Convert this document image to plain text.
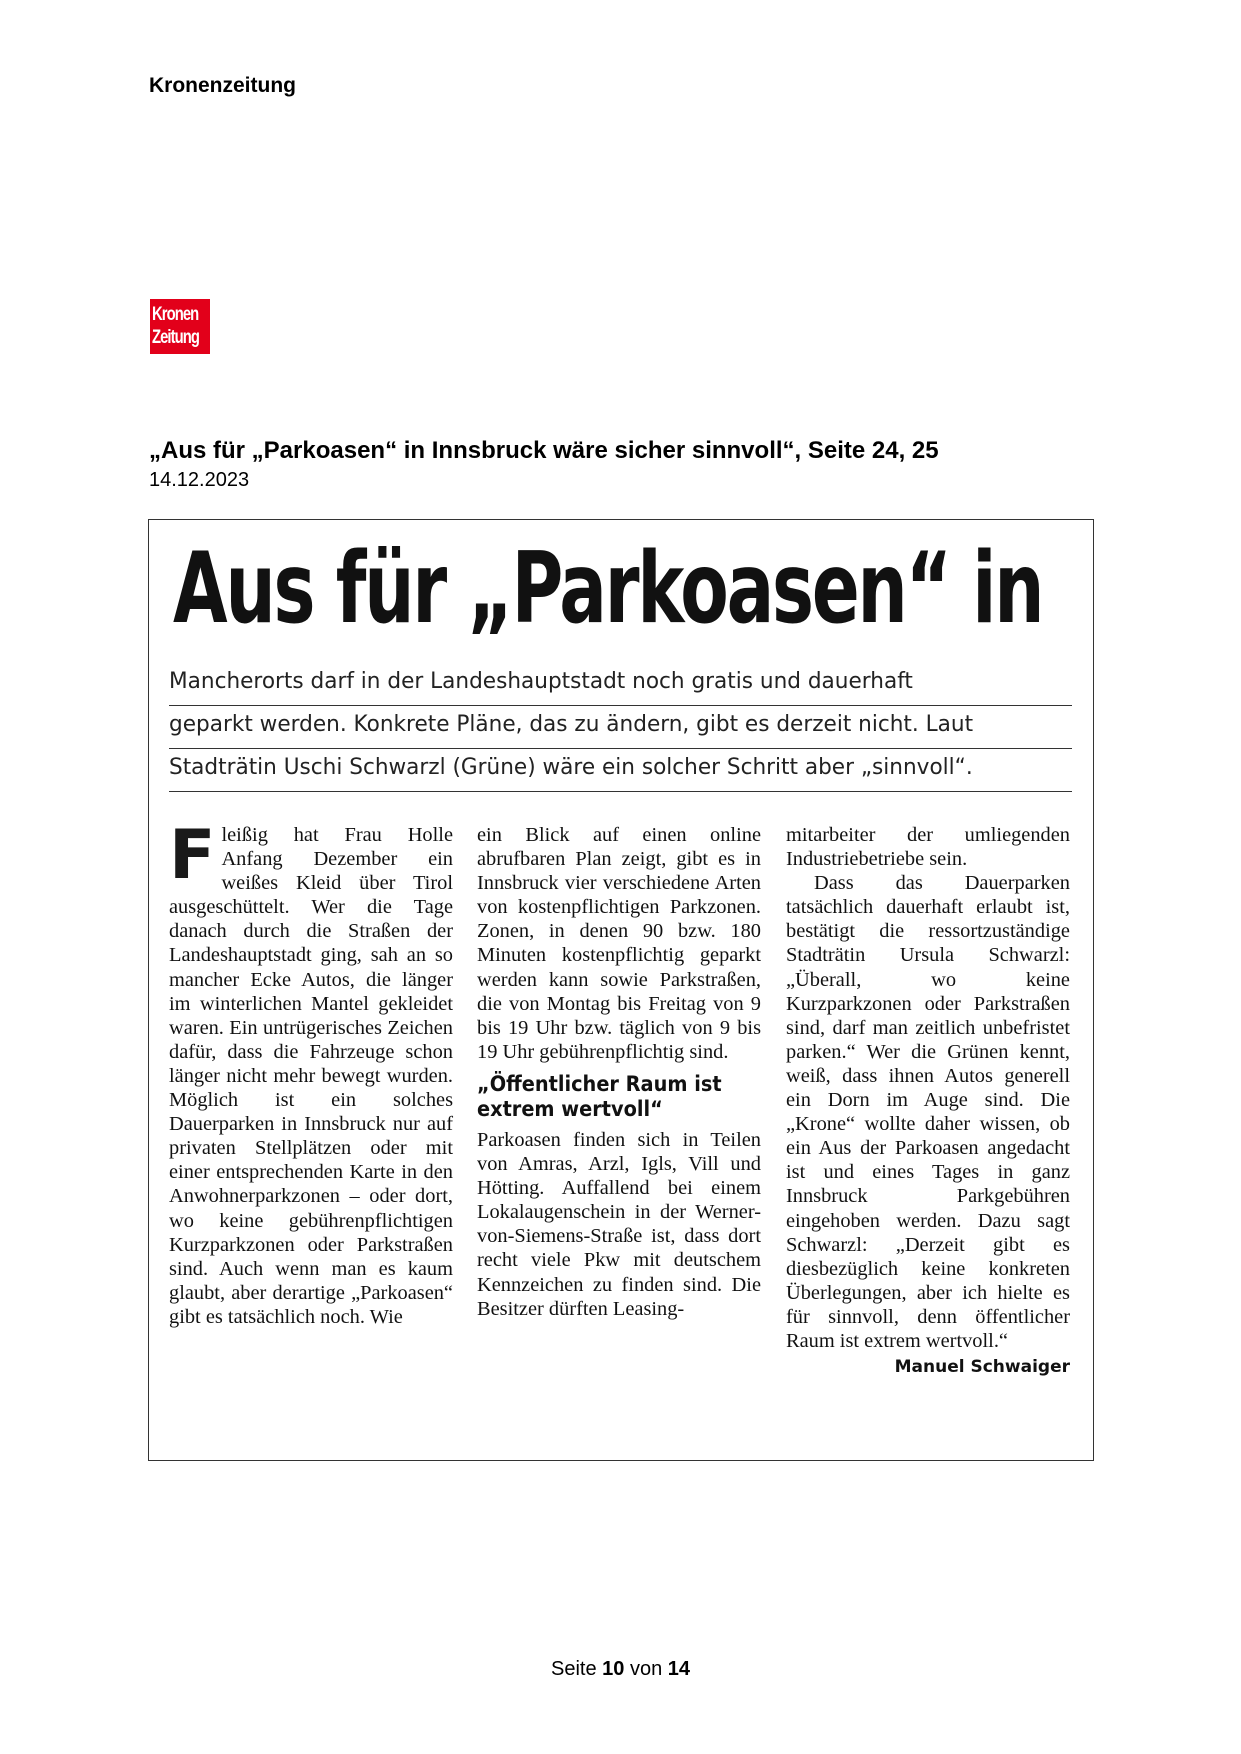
Kronenzeitung
Kronen
Zeitung
„Aus für „Parkoasen“ in Innsbruck wäre sicher sinnvoll“, Seite 24, 25
14.12.2023
Aus für „Parkoasen“ in
Mancherorts darf in der Landeshauptstadt noch gratis und dauerhaft
geparkt werden. Konkrete Pläne, das zu ändern, gibt es derzeit nicht. Laut
Stadträtin Uschi Schwarzl (Grüne) wäre ein solcher Schritt aber „sinnvoll“.
F leißig hat Frau Holle Anfang Dezember ein weißes Kleid über Tirol ausgeschüttelt. Wer die Tage danach durch die Straßen der Landeshauptstadt ging, sah an so mancher Ecke Autos, die länger im winterlichen Mantel gekleidet waren. Ein untrügerisches Zeichen dafür, dass die Fahrzeuge schon länger nicht mehr bewegt wurden. Möglich ist ein solches Dauerparken in Innsbruck nur auf privaten Stellplätzen oder mit einer entsprechenden Karte in den Anwohnerparkzonen – oder dort, wo keine gebührenpflichtigen Kurzparkzonen oder Parkstraßen sind. Auch wenn man es kaum glaubt, aber derartige „Parkoasen“ gibt es tatsächlich noch. Wie

ein Blick auf einen online abrufbaren Plan zeigt, gibt es in Innsbruck vier verschiedene Arten von kostenpflichtigen Parkzonen. Zonen, in denen 90 bzw. 180 Minuten kostenpflichtig geparkt werden kann sowie Parkstraßen, die von Montag bis Freitag von 9 bis 19 Uhr bzw. täglich von 9 bis 19 Uhr gebührenpflichtig sind.

„Öffentlicher Raum ist extrem wertvoll“

Parkoasen finden sich in Teilen von Amras, Arzl, Igls, Vill und Hötting. Auffallend bei einem Lokalaugenschein in der Werner-von-Siemens-Straße ist, dass dort recht viele Pkw mit deutschem Kennzeichen zu finden sind. Die Besitzer dürften Leasing-

mitarbeiter der umliegenden Industriebetriebe sein.

Dass das Dauerparken tatsächlich dauerhaft erlaubt ist, bestätigt die ressortzuständige Stadträtin Ursula Schwarzl: „Überall, wo keine Kurzparkzonen oder Parkstraßen sind, darf man zeitlich unbefristet parken.“ Wer die Grünen kennt, weiß, dass ihnen Autos generell ein Dorn im Auge sind. Die „Krone“ wollte daher wissen, ob ein Aus der Parkoasen angedacht ist und eines Tages in ganz Innsbruck Parkgebühren eingehoben werden. Dazu sagt Schwarzl: „Derzeit gibt es diesbezüglich keine konkreten Überlegungen, aber ich hielte es für sinnvoll, denn öffentlicher Raum ist extrem wertvoll.“

Manuel Schwaiger
Seite 10 von 14
